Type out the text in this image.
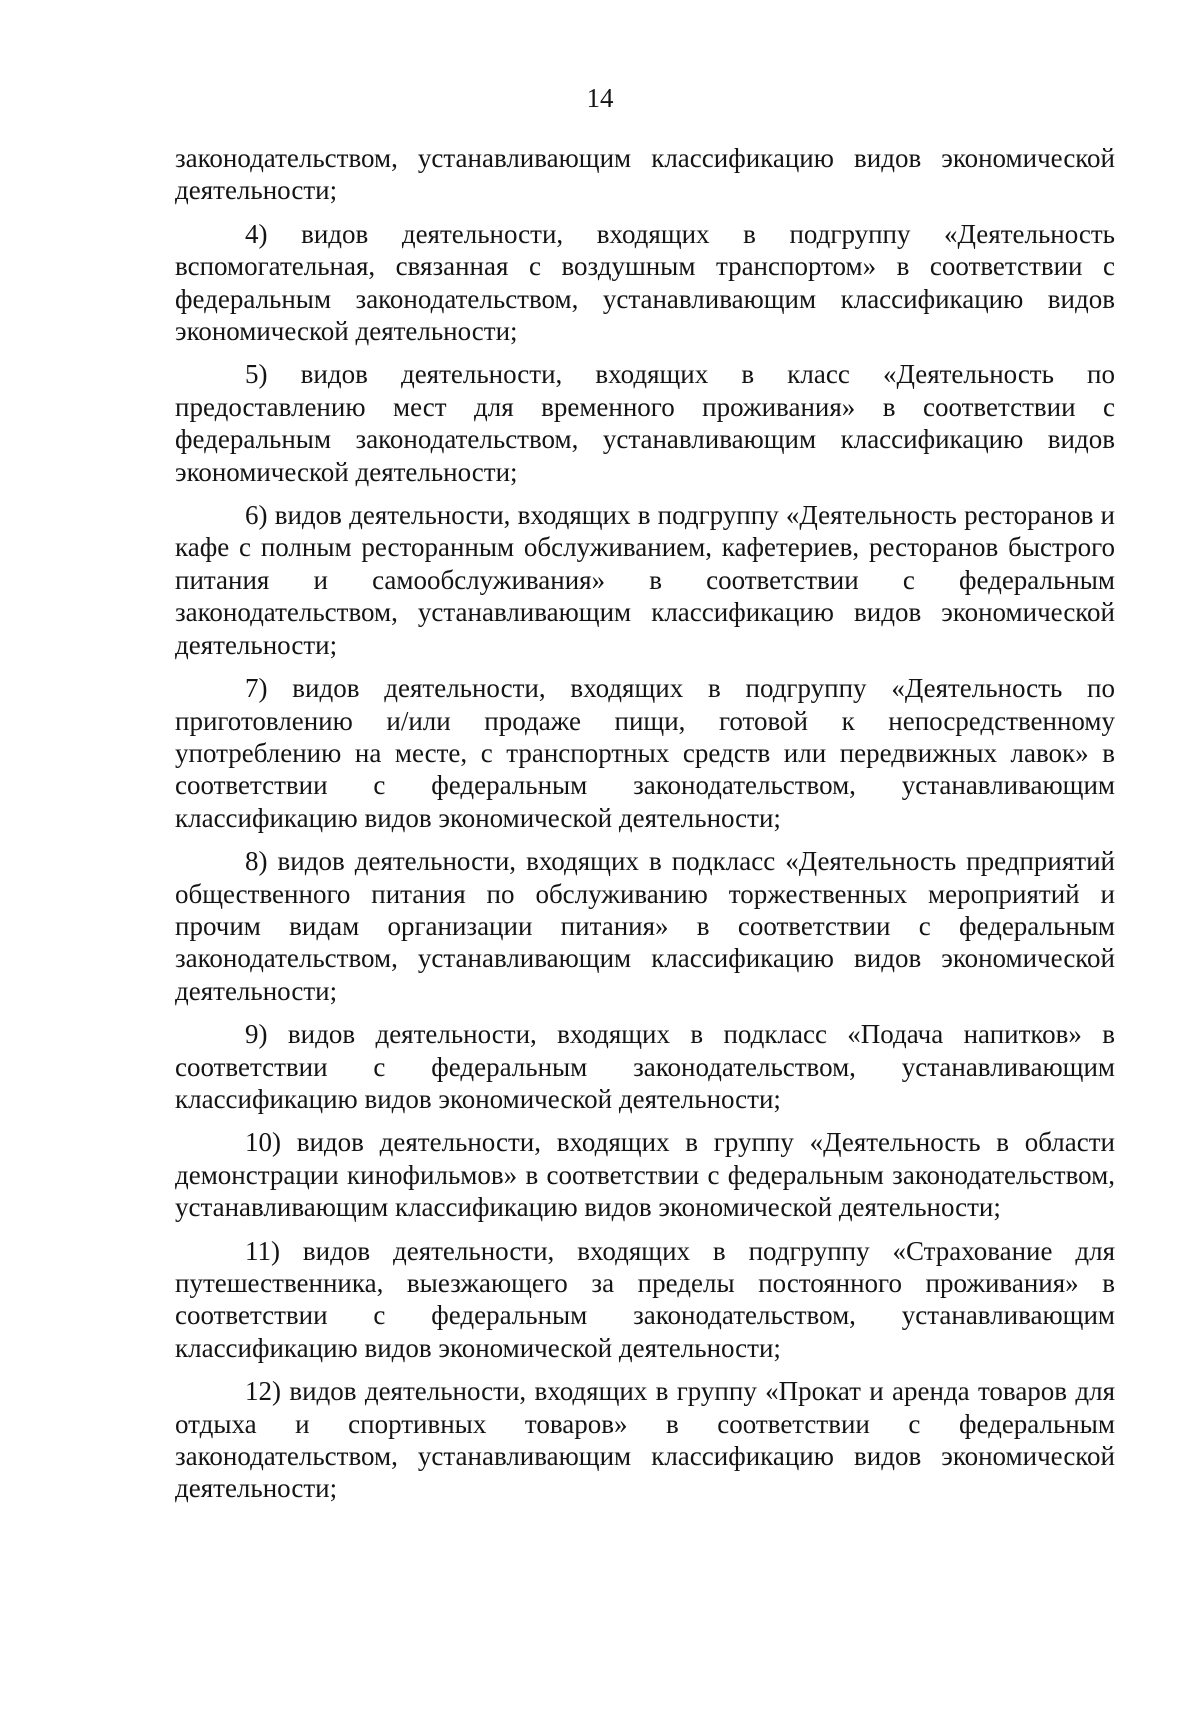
14

законодательством, устанавливающим классификацию видов экономической деятельности;

4) видов деятельности, входящих в подгруппу «Деятельность вспомогательная, связанная с воздушным транспортом» в соответствии с федеральным законодательством, устанавливающим классификацию видов экономической деятельности;

5) видов деятельности, входящих в класс «Деятельность по предоставлению мест для временного проживания» в соответствии с федеральным законодательством, устанавливающим классификацию видов экономической деятельности;

6) видов деятельности, входящих в подгруппу «Деятельность ресторанов и кафе с полным ресторанным обслуживанием, кафетериев, ресторанов быстрого питания и самообслуживания» в соответствии с федеральным законодательством, устанавливающим классификацию видов экономической деятельности;

7) видов деятельности, входящих в подгруппу «Деятельность по приготовлению и/или продаже пищи, готовой к непосредственному употреблению на месте, с транспортных средств или передвижных лавок» в соответствии с федеральным законодательством, устанавливающим классификацию видов экономической деятельности;

8) видов деятельности, входящих в подкласс «Деятельность предприятий общественного питания по обслуживанию торжественных мероприятий и прочим видам организации питания» в соответствии с федеральным законодательством, устанавливающим классификацию видов экономической деятельности;

9) видов деятельности, входящих в подкласс «Подача напитков» в соответствии с федеральным законодательством, устанавливающим классификацию видов экономической деятельности;

10) видов деятельности, входящих в группу «Деятельность в области демонстрации кинофильмов» в соответствии с федеральным законодательством, устанавливающим классификацию видов экономической деятельности;

11) видов деятельности, входящих в подгруппу «Страхование для путешественника, выезжающего за пределы постоянного проживания» в соответствии с федеральным законодательством, устанавливающим классификацию видов экономической деятельности;

12) видов деятельности, входящих в группу «Прокат и аренда товаров для отдыха и спортивных товаров» в соответствии с федеральным законодательством, устанавливающим классификацию видов экономической деятельности;
